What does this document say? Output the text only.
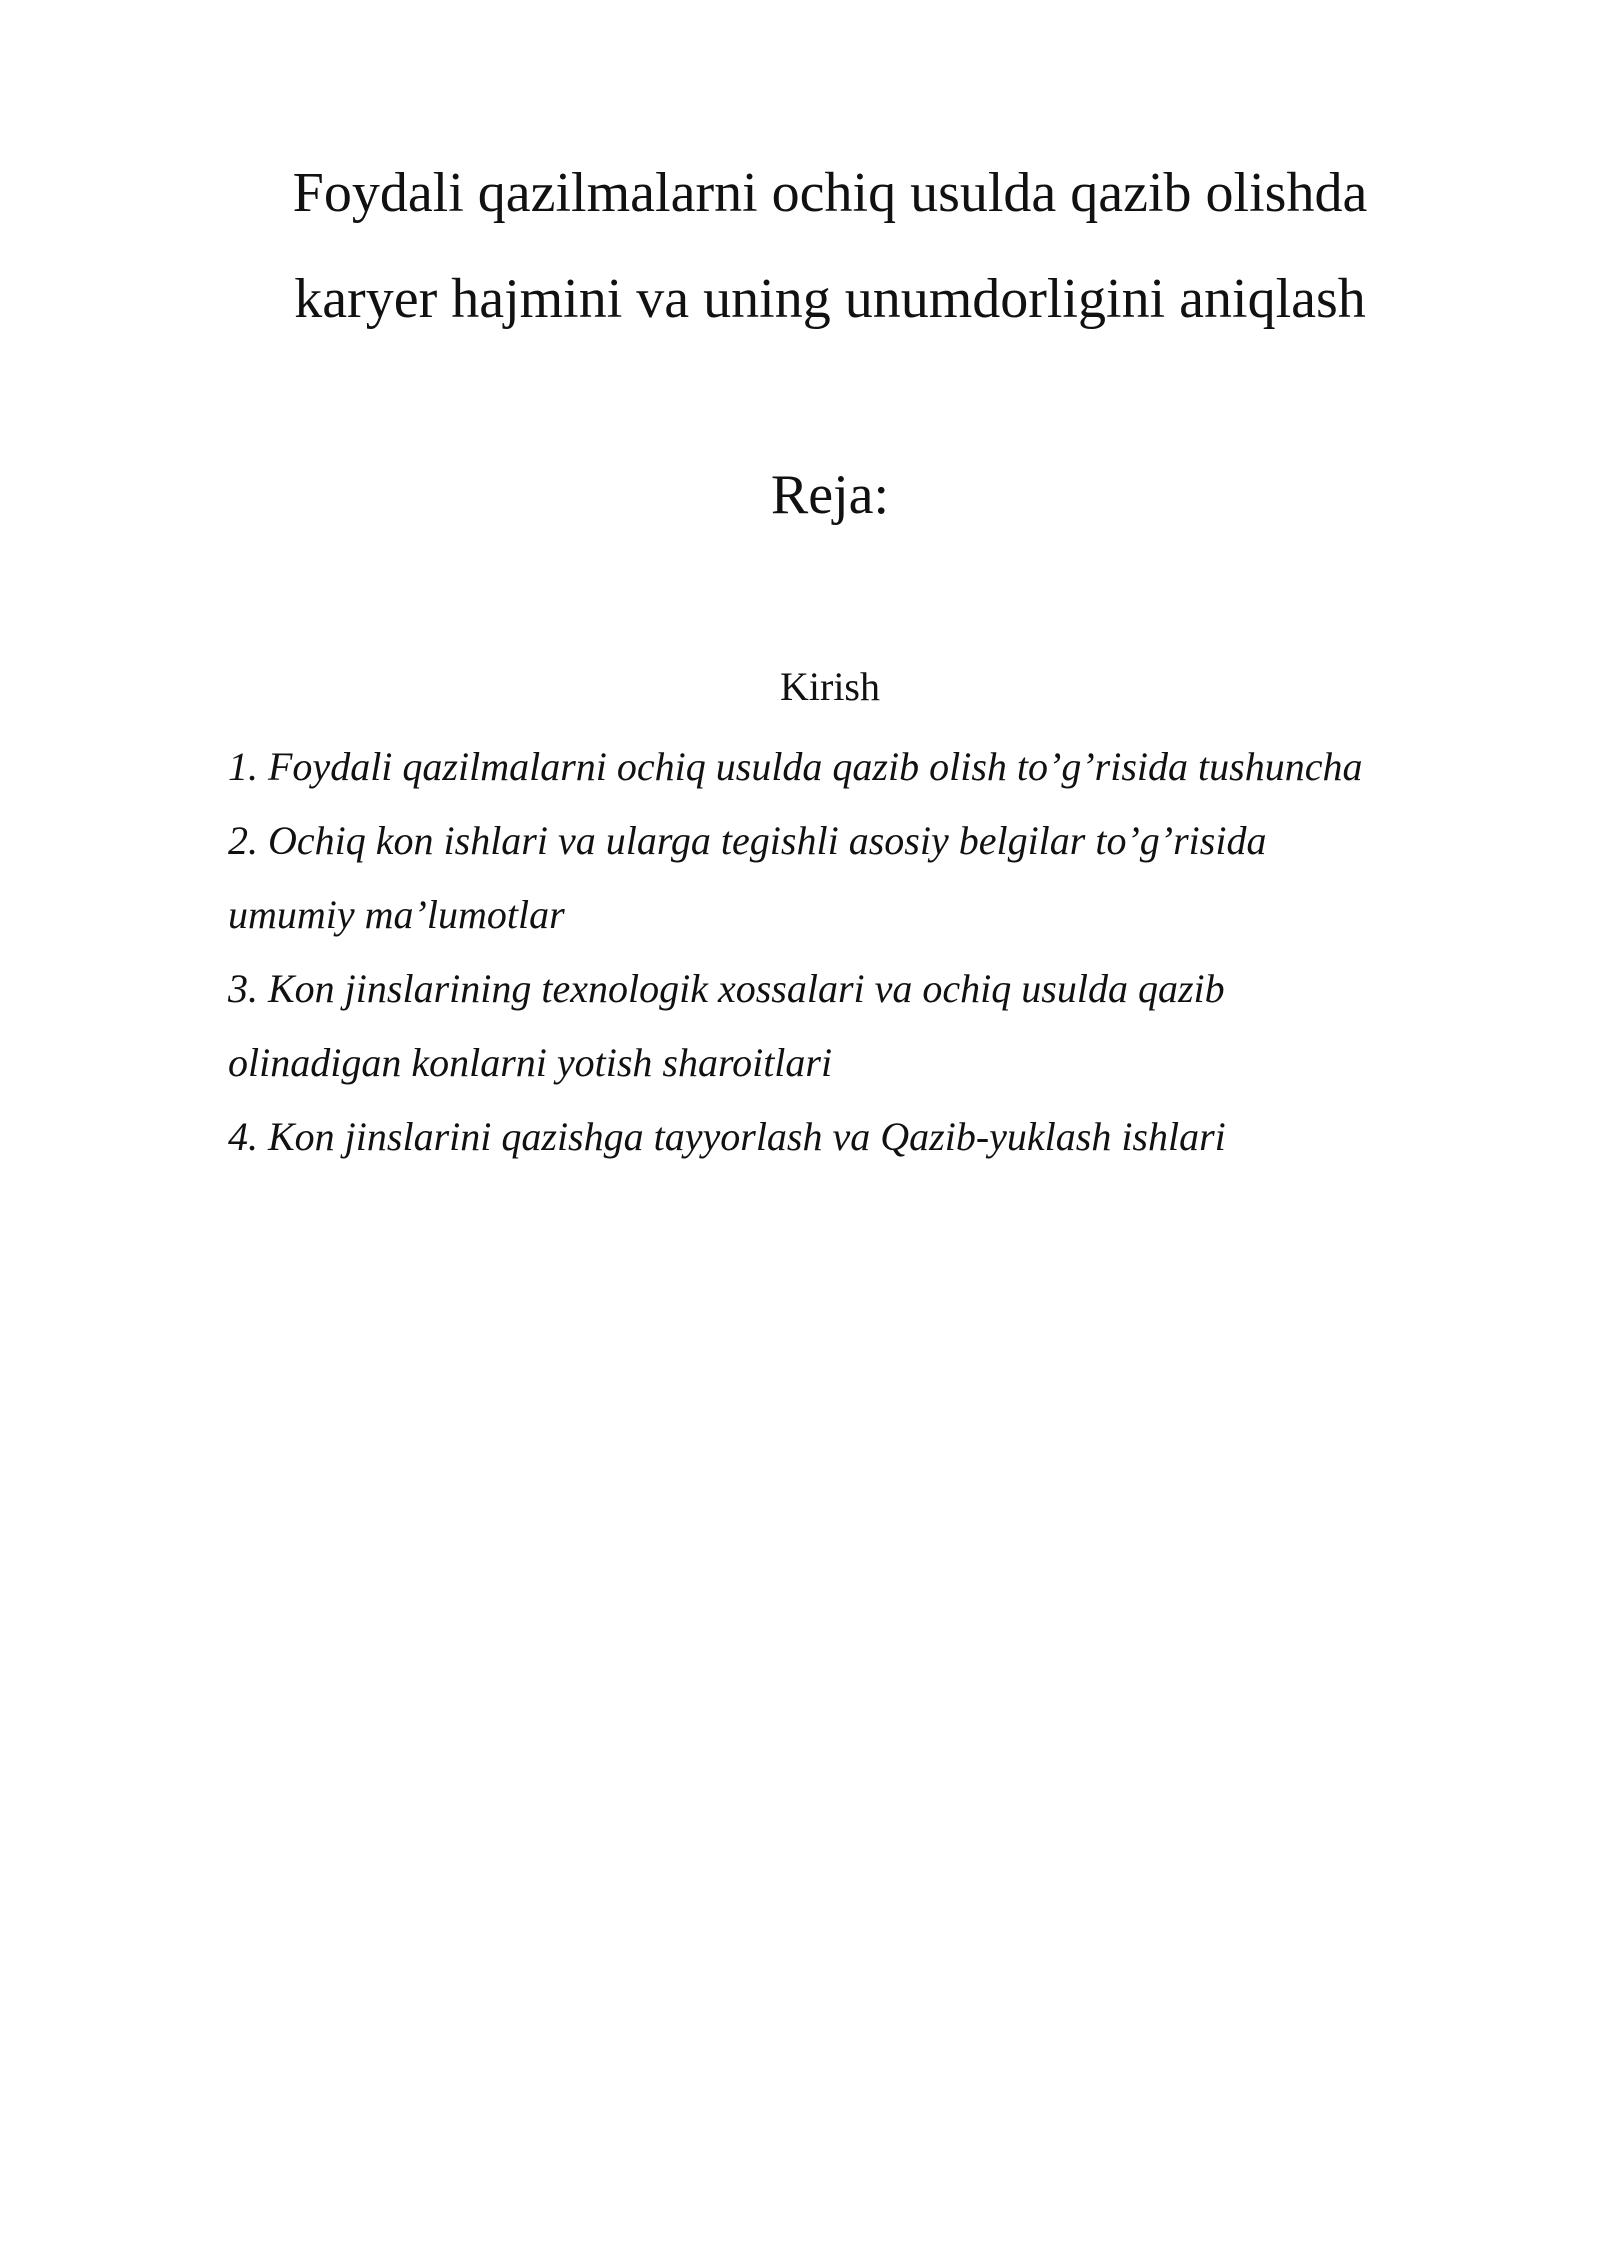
Foydali qazilmalarni ochiq usulda qazib olishda
karyer hajmini va uning unumdorligini aniqlash
Reja:
Kirish
1. Foydali qazilmalarni ochiq usulda qazib olish to’g’risida tushuncha
2. Ochiq kon ishlari va ularga tegishli asosiy belgilar to’g’risida
umumiy ma’lumotlar
3. Kon jinslarining texnologik xossalari va ochiq usulda qazib
olinadigan konlarni yotish sharoitlari
4. Kon jinslarini qazishga tayyorlash va Qazib-yuklash ishlari
